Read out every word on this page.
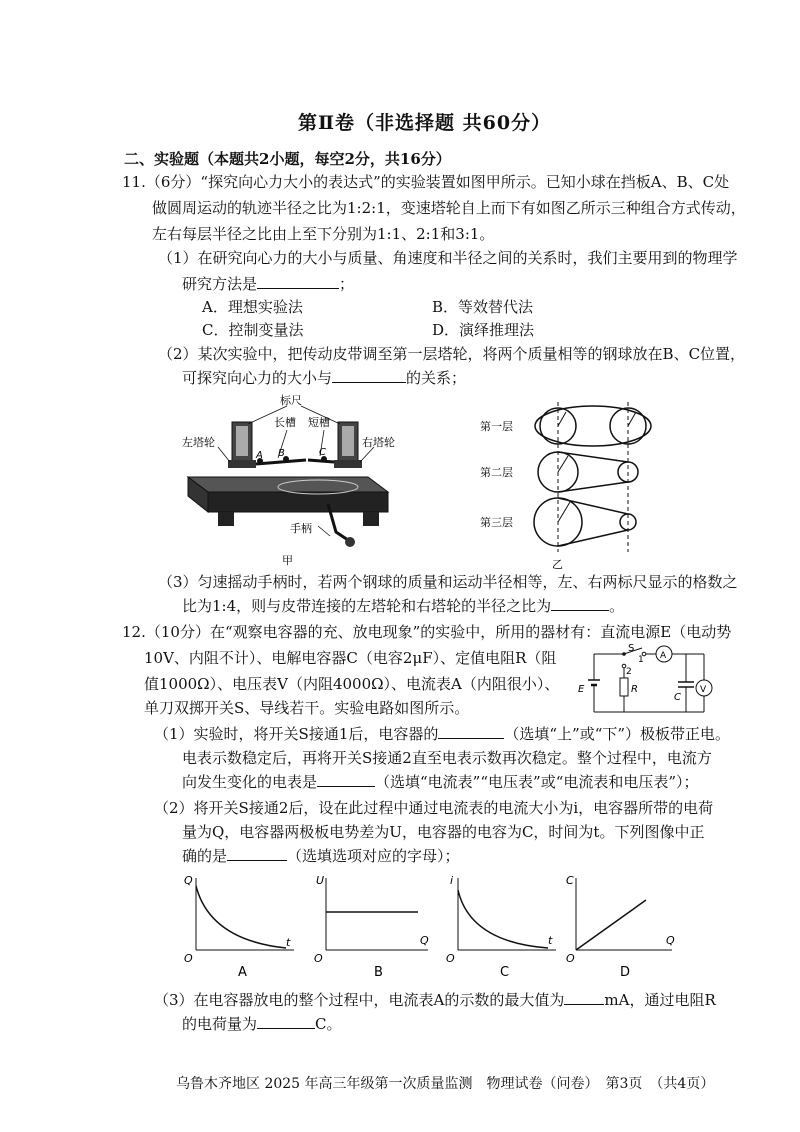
第Ⅱ卷（非选择题 共60分）
二、实验题（本题共2小题，每空2分，共16分）
11.（6分）“探究向心力大小的表达式”的实验装置如图甲所示。已知小球在挡板A、B、C处
做圆周运动的轨迹半径之比为1:2:1，变速塔轮自上而下有如图乙所示三种组合方式传动，
左右每层半径之比由上至下分别为1:1、2:1和3:1。
（1）在研究向心力的大小与质量、角速度和半径之间的关系时，我们主要用到的物理学
研究方法是	；
A．理想实验法	B．等效替代法
C．控制变量法	D．演绎推理法
（2）某次实验中，把传动皮带调至第一层塔轮，将两个质量相等的钢球放在B、C位置，
可探究向心力的大小与	的关系；
标尺
长槽 短槽
左塔轮	右塔轮
A B	C
手柄
甲
第一层
第二层
第三层
乙
（3）匀速摇动手柄时，若两个钢球的质量和运动半径相等，左、右两标尺显示的格数之
比为1:4，则与皮带连接的左塔轮和右塔轮的半径之比为	。
12.（10分）在“观察电容器的充、放电现象”的实验中，所用的器材有：直流电源E（电动势
10V、内阻不计）、电解电容器C（电容2μF）、定值电阻R（阻
值1000Ω）、电压表V（内阻4000Ω）、电流表A（内阻很小）、
单刀双掷开关S、导线若干。实验电路如图所示。
S
1
2
R
E
C
A
V
（1）实验时，将开关S接通1后，电容器的	（选填“上”或“下”）极板带正电。
电表示数稳定后，再将开关S接通2直至电表示数再次稳定。整个过程中，电流方
向发生变化的电表是	（选填“电流表”“电压表”或“电流表和电压表”）；
（2）将开关S接通2后，设在此过程中通过电流表的电流大小为i，电容器所带的电荷
量为Q，电容器两极板电势差为U，电容器的电容为C，时间为t。下列图像中正
确的是	（选填选项对应的字母）；
Q
t
O
A
U
Q
O
B
i
t
O
C
C
Q
O
D
（3）在电容器放电的整个过程中，电流表A的示数的最大值为	mA，通过电阻R
的电荷量为	C。
乌鲁木齐地区 2025 年高三年级第一次质量监测　物理试卷（问卷）　第3页　（共4页）
